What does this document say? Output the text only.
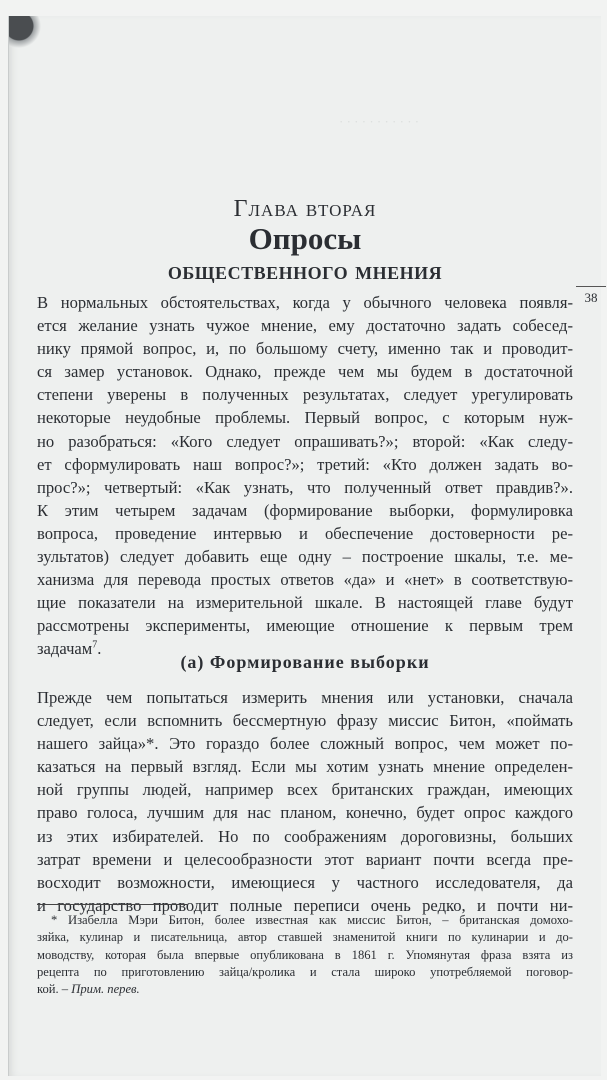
· · · · · · · · · · ·
38
Глава вторая
Опросы
общественного мнения

В нормальных обстоятельствах, когда у обычного человека появля-
ется желание узнать чужое мнение, ему достаточно задать собесед-
нику прямой вопрос, и, по большому счету, именно так и проводит-
ся замер установок. Однако, прежде чем мы будем в достаточной
степени уверены в полученных результатах, следует урегулировать
некоторые неудобные проблемы. Первый вопрос, с которым нуж-
но разобраться: «Кого следует опрашивать?»; второй: «Как следу-
ет сформулировать наш вопрос?»; третий: «Кто должен задать во-
прос?»; четвертый: «Как узнать, что полученный ответ правдив?».
К этим четырем задачам (формирование выборки, формулировка
вопроса, проведение интервью и обеспечение достоверности ре-
зультатов) следует добавить еще одну – построение шкалы, т.е. ме-
ханизма для перевода простых ответов «да» и «нет» в соответствую-
щие показатели на измерительной шкале. В настоящей главе будут
рассмотрены эксперименты, имеющие отношение к первым трем
задачам$^7$.

(а) Формирование выборки

Прежде чем попытаться измерить мнения или установки, сначала
следует, если вспомнить бессмертную фразу миссис Битон, «поймать
нашего зайца»*. Это гораздо более сложный вопрос, чем может по-
казаться на первый взгляд. Если мы хотим узнать мнение определен-
ной группы людей, например всех британских граждан, имеющих
право голоса, лучшим для нас планом, конечно, будет опрос каждого
из этих избирателей. Но по соображениям дороговизны, больших
затрат времени и целесообразности этот вариант почти всегда пре-
восходит возможности, имеющиеся у частного исследователя, да
и государство проводит полные переписи очень редко, и почти ни-

* Изабелла Мэри Битон, более известная как миссис Битон, – британская домохо-
зяйка, кулинар и писательница, автор ставшей знаменитой книги по кулинарии и до-
моводству, которая была впервые опубликована в 1861 г. Упомянутая фраза взята из
рецепта по приготовлению зайца/кролика и стала широко употребляемой поговор-
кой. – Прим. перев.
